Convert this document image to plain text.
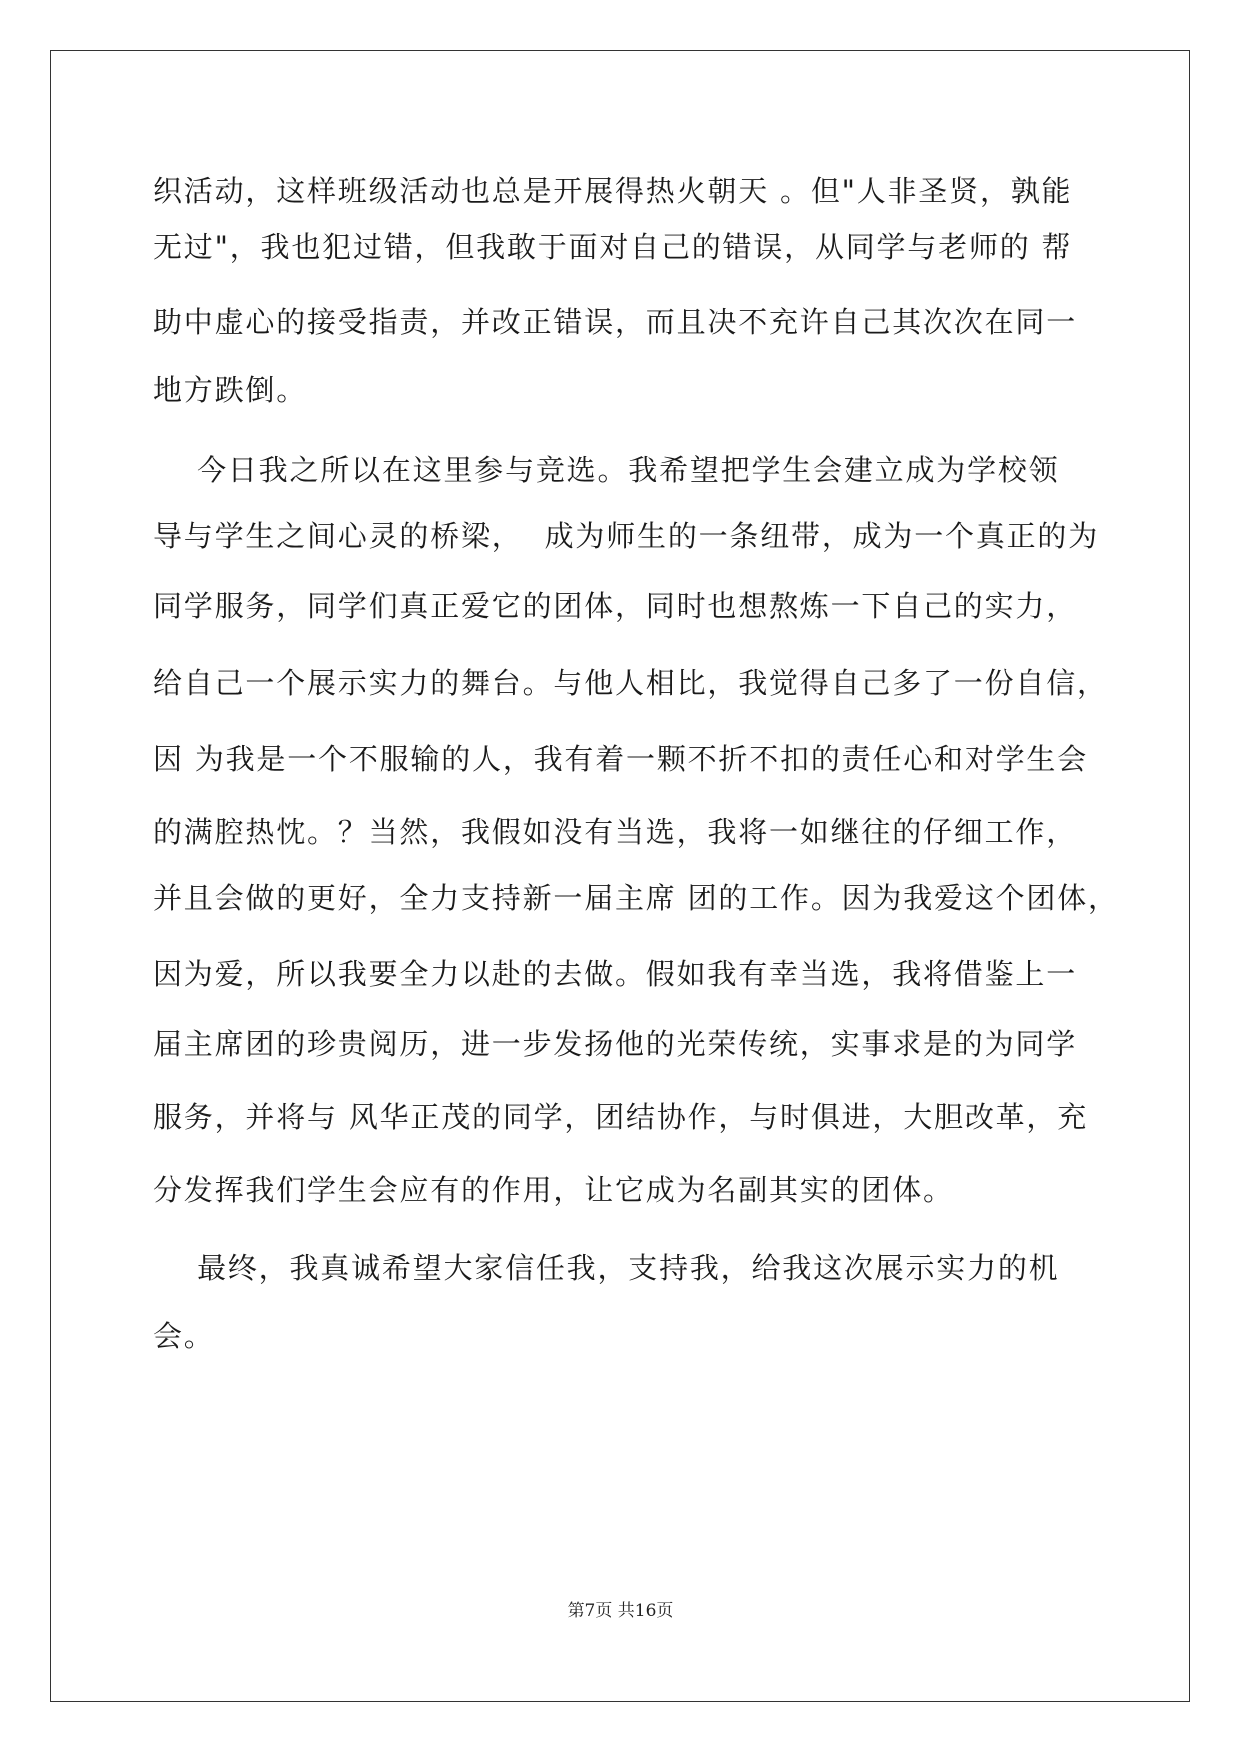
织活动，这样班级活动也总是开展得热火朝天 。但"人非圣贤，孰能

无过"，我也犯过错，但我敢于面对自己的错误，从同学与老师的 帮

助中虚心的接受指责，并改正错误，而且决不充许自己其次次在同一

地方跌倒。

今日我之所以在这里参与竞选。我希望把学生会建立成为学校领

导与学生之间心灵的桥梁，  成为师生的一条纽带，成为一个真正的为

同学服务，同学们真正爱它的团体，同时也想熬炼一下自己的实力，

给自己一个展示实力的舞台。与他人相比，我觉得自己多了一份自信，

因 为我是一个不服输的人，我有着一颗不折不扣的责任心和对学生会

的满腔热忱。？当然，我假如没有当选，我将一如继往的仔细工作，

并且会做的更好，全力支持新一届主席 团的工作。因为我爱这个团体，

因为爱，所以我要全力以赴的去做。假如我有幸当选，我将借鉴上一

届主席团的珍贵阅历，进一步发扬他的光荣传统，实事求是的为同学

服务，并将与 风华正茂的同学，团结协作，与时俱进，大胆改革，充

分发挥我们学生会应有的作用，让它成为名副其实的团体。

最终，我真诚希望大家信任我，支持我，给我这次展示实力的机

会。

第7页 共16页
